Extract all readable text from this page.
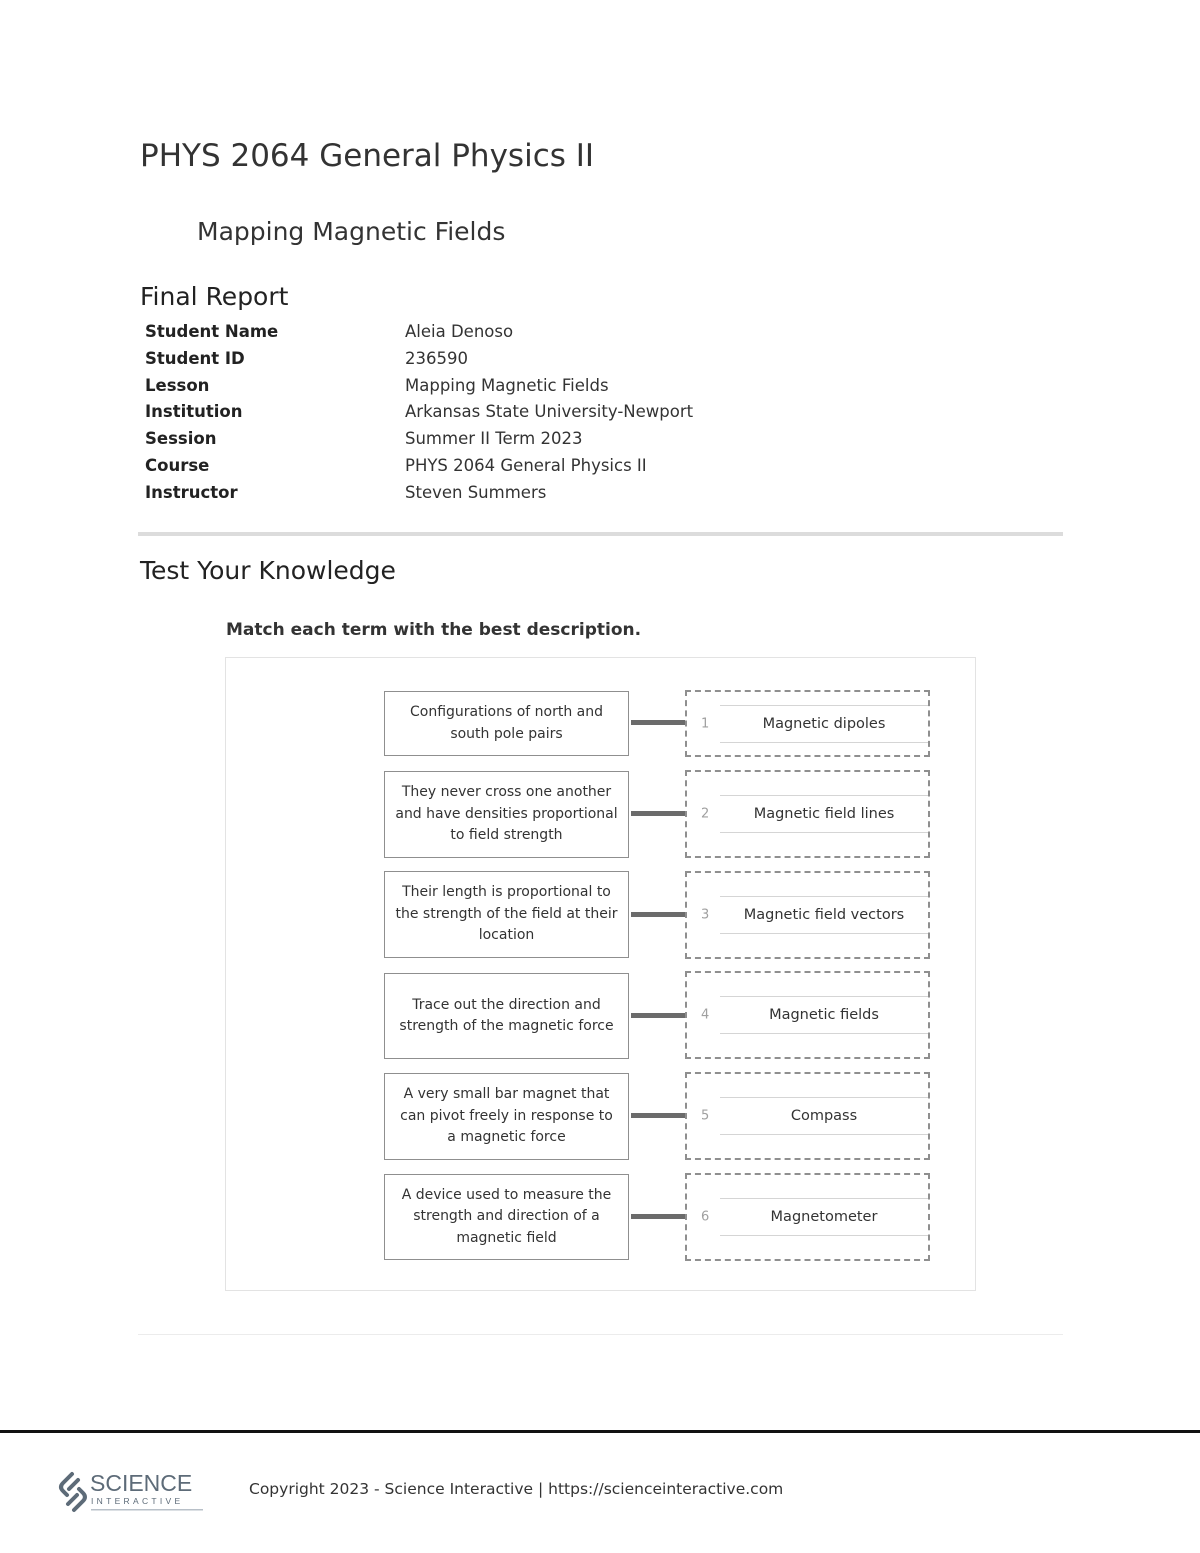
PHYS 2064 General Physics II
Mapping Magnetic Fields
Final Report
Student Name	Aleia Denoso
Student ID	236590
Lesson	Mapping Magnetic Fields
Institution	Arkansas State University-Newport
Session	Summer II Term 2023
Course	PHYS 2064 General Physics II
Instructor	Steven Summers
Test Your Knowledge

Match each term with the best description.

Configurations of north and south pole pairs
1	Magnetic dipoles
They never cross one another and have densities proportional to field strength
2	Magnetic field lines
Their length is proportional to the strength of the field at their location
3	Magnetic field vectors
Trace out the direction and strength of the magnetic force
4	Magnetic fields
A very small bar magnet that can pivot freely in response to a magnetic force
5	Compass
A device used to measure the strength and direction of a magnetic field
6	Magnetometer
SCIENCE
INTERACTIVE

Copyright 2023 - Science Interactive | https://scienceinteractive.com
